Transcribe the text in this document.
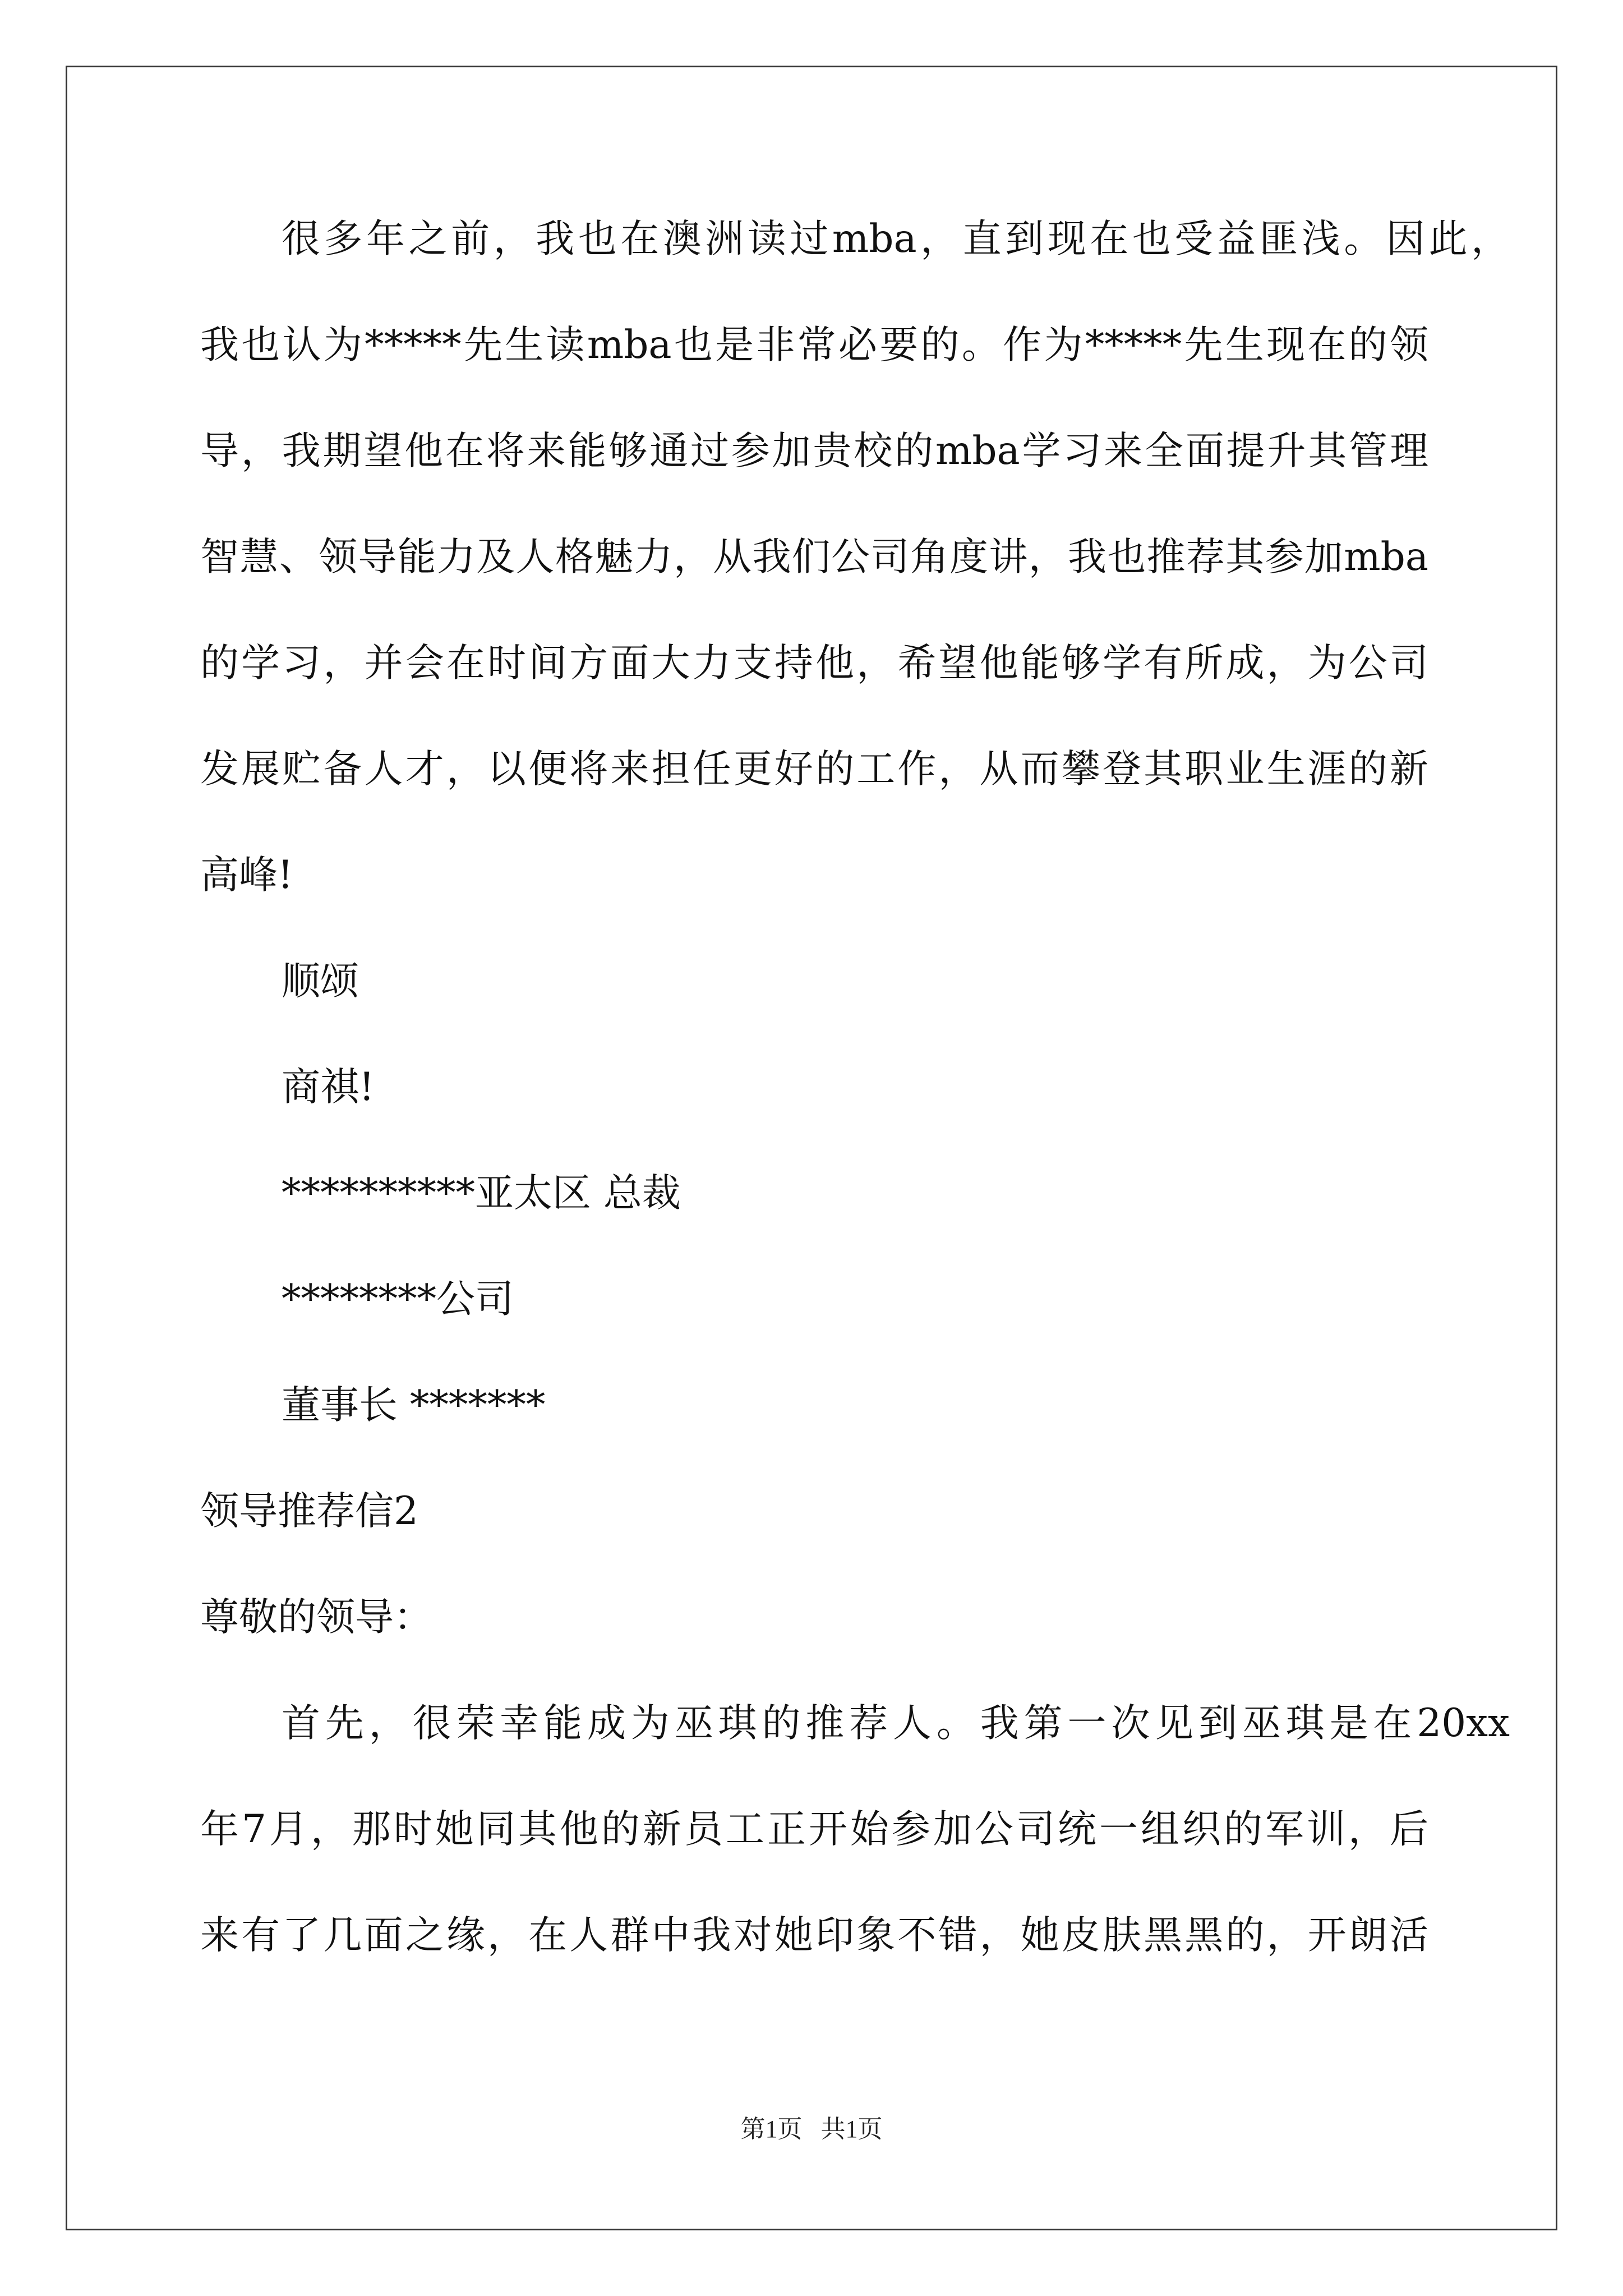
很多年之前，我也在澳洲读过mba，直到现在也受益匪浅。因此，
我也认为*****先生读mba也是非常必要的。作为*****先生现在的领
导，我期望他在将来能够通过参加贵校的mba学习来全面提升其管理
智慧、领导能力及人格魅力，从我们公司角度讲，我也推荐其参加mba
的学习，并会在时间方面大力支持他，希望他能够学有所成，为公司
发展贮备人才，以便将来担任更好的工作，从而攀登其职业生涯的新
高峰!
顺颂
商祺!
**********亚太区 总裁
********公司
董事长 *******
领导推荐信2
尊敬的领导：
首先，很荣幸能成为巫琪的推荐人。我第一次见到巫琪是在20xx
年7月，那时她同其他的新员工正开始参加公司统一组织的军训，后
来有了几面之缘，在人群中我对她印象不错，她皮肤黑黑的，开朗活
第1页   共1页
